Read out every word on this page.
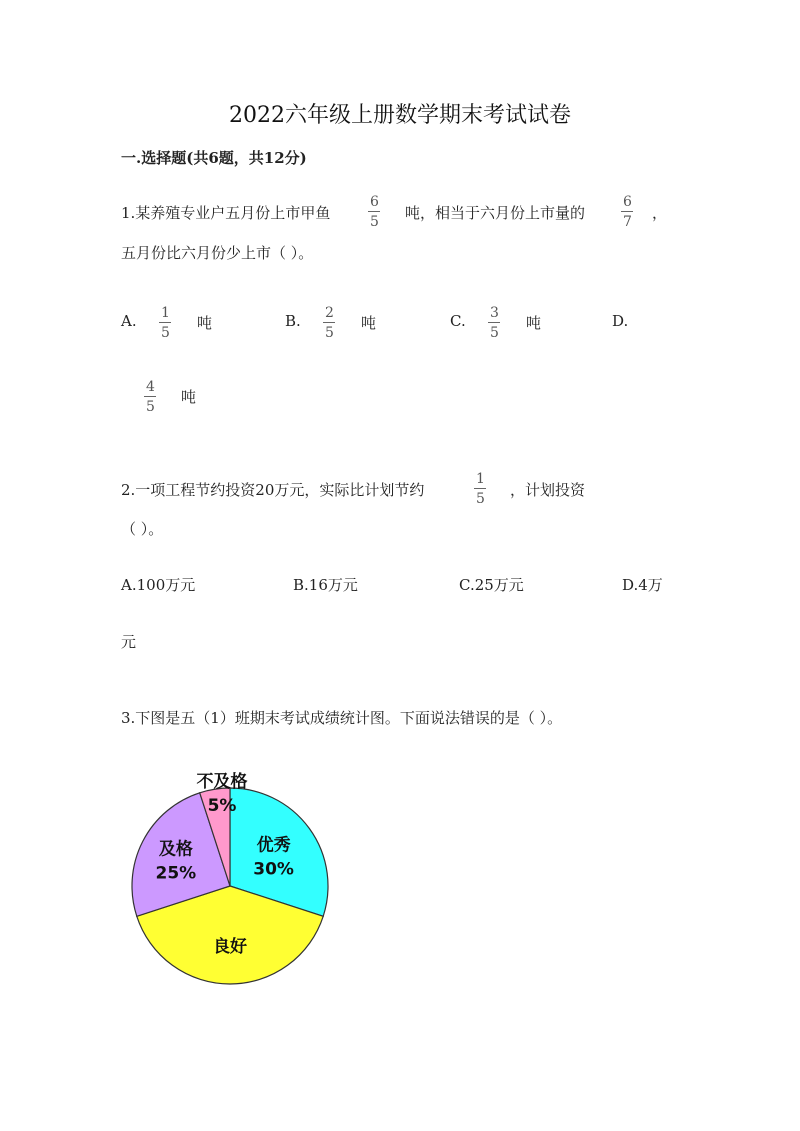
2022六年级上册数学期末考试试卷
一.选择题(共6题，共12分)
1.某养殖专业户五月份上市甲鱼
6
5 吨，相当于六月份上市量的
6
7 ，
五月份比六月份少上市（ ）。
A. 1
5
吨	B. 2
5
吨	C. 3
5
吨	D.
4
5
吨
2.一项工程节约投资20万元，实际比计划节约
1
5 ，计划投资
（ ）。
A.100万元	B.16万元	C.25万元	D.4万
元
3.下图是五（1）班期末考试成绩统计图。下面说法错误的是（ ）。
优秀
30%
良好
及格
25%
不及格
5%
